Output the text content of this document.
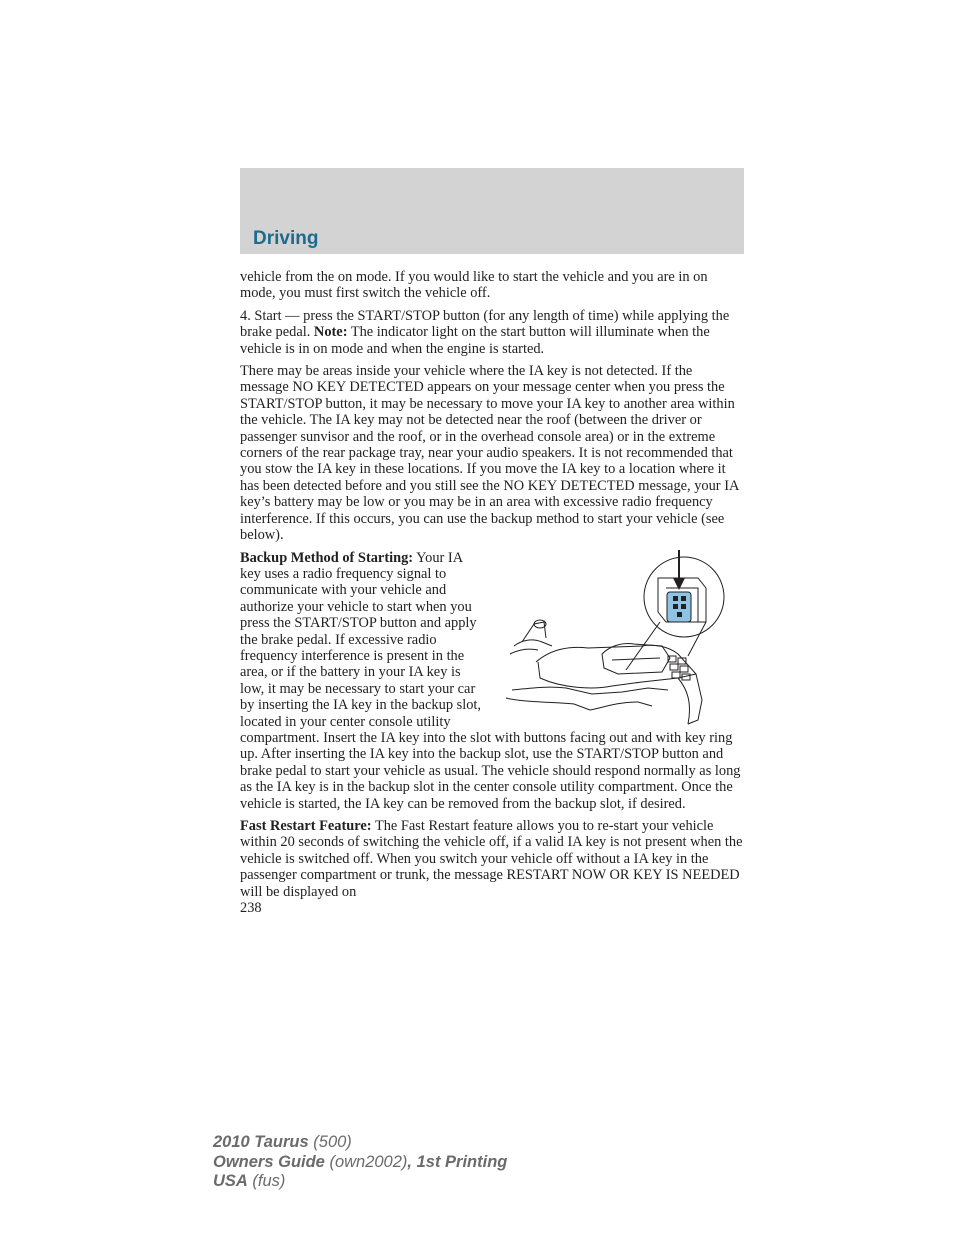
Driving

vehicle from the on mode. If you would like to start the vehicle and you are in on mode, you must first switch the vehicle off.

4. Start — press the START/STOP button (for any length of time) while applying the brake pedal. Note: The indicator light on the start button will illuminate when the vehicle is in on mode and when the engine is started.

There may be areas inside your vehicle where the IA key is not detected. If the message NO KEY DETECTED appears on your message center when you press the START/STOP button, it may be necessary to move your IA key to another area within the vehicle. The IA key may not be detected near the roof (between the driver or passenger sunvisor and the roof, or in the overhead console area) or in the extreme corners of the rear package tray, near your audio speakers. It is not recommended that you stow the IA key in these locations. If you move the IA key to a location where it has been detected before and you still see the NO KEY DETECTED message, your IA key’s battery may be low or you may be in an area with excessive radio frequency interference. If this occurs, you can use the backup method to start your vehicle (see below).

Backup Method of Starting: Your IA key uses a radio frequency signal to communicate with your vehicle and authorize your vehicle to start when you press the START/STOP button and apply the brake pedal. If excessive radio frequency interference is present in the area, or if the battery in your IA key is low, it may be necessary to start your car by inserting the IA key in the backup slot, located in your center console utility compartment. Insert the IA key into the slot with buttons facing out and with key ring up. After inserting the IA key into the backup slot, use the START/STOP button and brake pedal to start your vehicle as usual. The vehicle should respond normally as long as the IA key is in the backup slot in the center console utility compartment. Once the vehicle is started, the IA key can be removed from the backup slot, if desired.

Fast Restart Feature: The Fast Restart feature allows you to re-start your vehicle within 20 seconds of switching the vehicle off, if a valid IA key is not present when the vehicle is switched off. When you switch your vehicle off without a IA key in the passenger compartment or trunk, the message RESTART NOW OR KEY IS NEEDED will be displayed on

238

2010 Taurus (500)
Owners Guide (own2002), 1st Printing
USA (fus)
